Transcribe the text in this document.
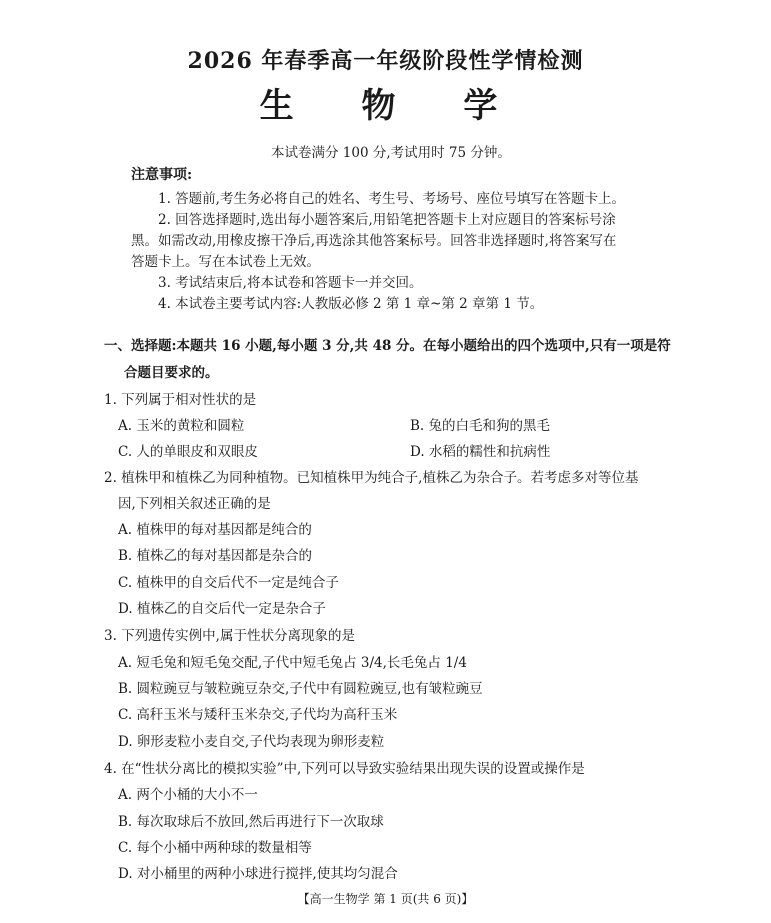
2026 年春季高一年级阶段性学情检测
生 物 学
本试卷满分 100 分,考试用时 75 分钟。
注意事项:
1. 答题前,考生务必将自己的姓名、考生号、考场号、座位号填写在答题卡上。
2. 回答选择题时,选出每小题答案后,用铅笔把答题卡上对应题目的答案标号涂
黑。如需改动,用橡皮擦干净后,再选涂其他答案标号。回答非选择题时,将答案写在
答题卡上。写在本试卷上无效。
3. 考试结束后,将本试卷和答题卡一并交回。
4. 本试卷主要考试内容:人教版必修 2 第 1 章~第 2 章第 1 节。
一、选择题:本题共 16 小题,每小题 3 分,共 48 分。在每小题给出的四个选项中,只有一项是符
合题目要求的。
1. 下列属于相对性状的是
A. 玉米的黄粒和圆粒	B. 兔的白毛和狗的黑毛
C. 人的单眼皮和双眼皮	D. 水稻的糯性和抗病性
2. 植株甲和植株乙为同种植物。已知植株甲为纯合子,植株乙为杂合子。若考虑多对等位基
因,下列相关叙述正确的是
A. 植株甲的每对基因都是纯合的
B. 植株乙的每对基因都是杂合的
C. 植株甲的自交后代不一定是纯合子
D. 植株乙的自交后代一定是杂合子
3. 下列遗传实例中,属于性状分离现象的是
A. 短毛兔和短毛兔交配,子代中短毛兔占 3/4,长毛兔占 1/4
B. 圆粒豌豆与皱粒豌豆杂交,子代中有圆粒豌豆,也有皱粒豌豆
C. 高秆玉米与矮秆玉米杂交,子代均为高秆玉米
D. 卵形麦粒小麦自交,子代均表现为卵形麦粒
4. 在“性状分离比的模拟实验”中,下列可以导致实验结果出现失误的设置或操作是
A. 两个小桶的大小不一
B. 每次取球后不放回,然后再进行下一次取球
C. 每个小桶中两种球的数量相等
D. 对小桶里的两种小球进行搅拌,使其均匀混合
【高一生物学 第 1 页(共 6 页)】
